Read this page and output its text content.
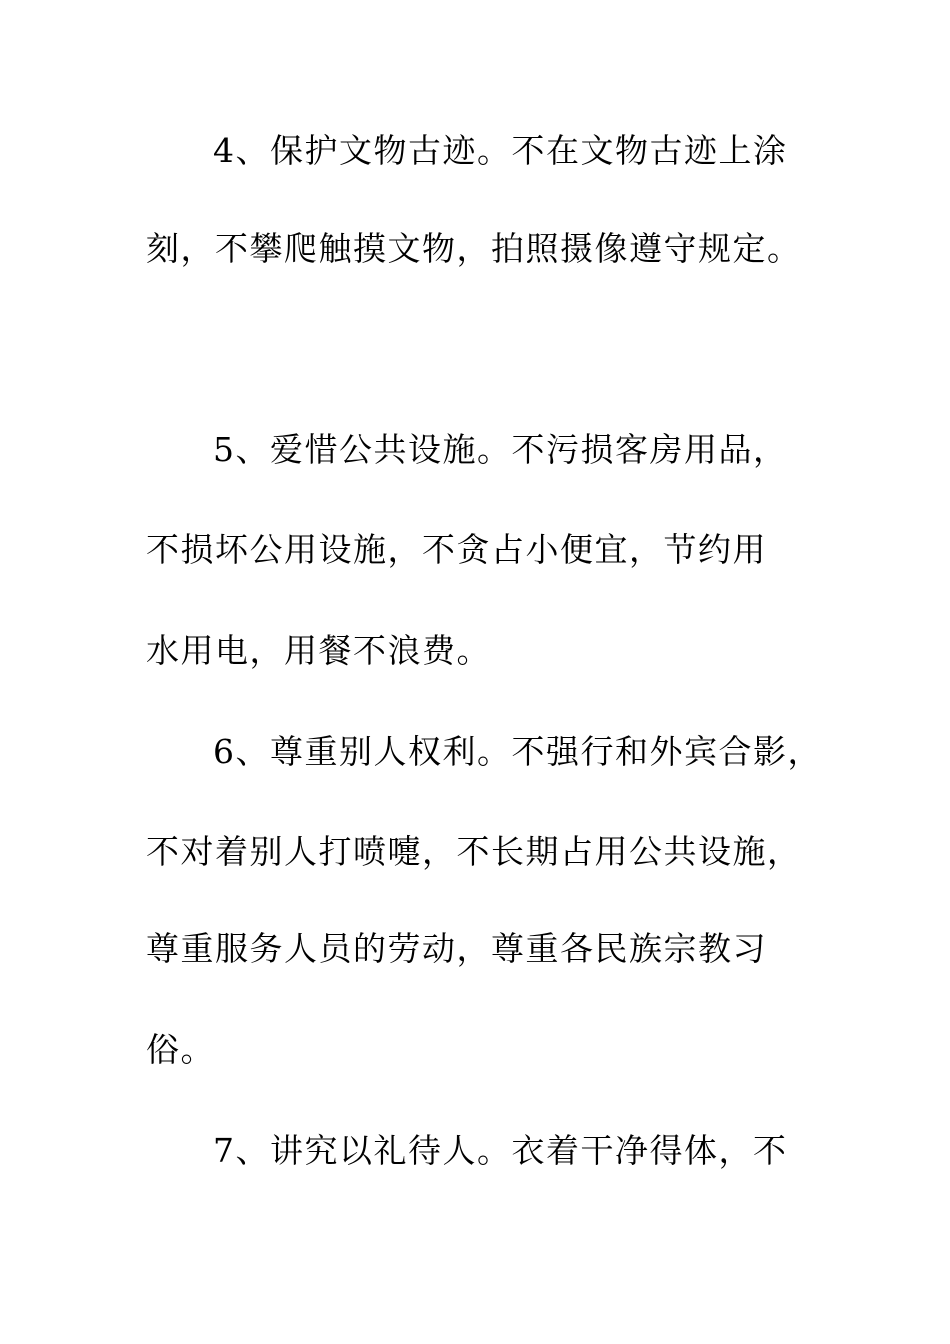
4、保护文物古迹。不在文物古迹上涂
刻，不攀爬触摸文物，拍照摄像遵守规定。
5、爱惜公共设施。不污损客房用品，
不损坏公用设施，不贪占小便宜，节约用
水用电，用餐不浪费。
6、尊重别人权利。不强行和外宾合影，
不对着别人打喷嚏，不长期占用公共设施，
尊重服务人员的劳动，尊重各民族宗教习
俗。
7、讲究以礼待人。衣着干净得体，不
